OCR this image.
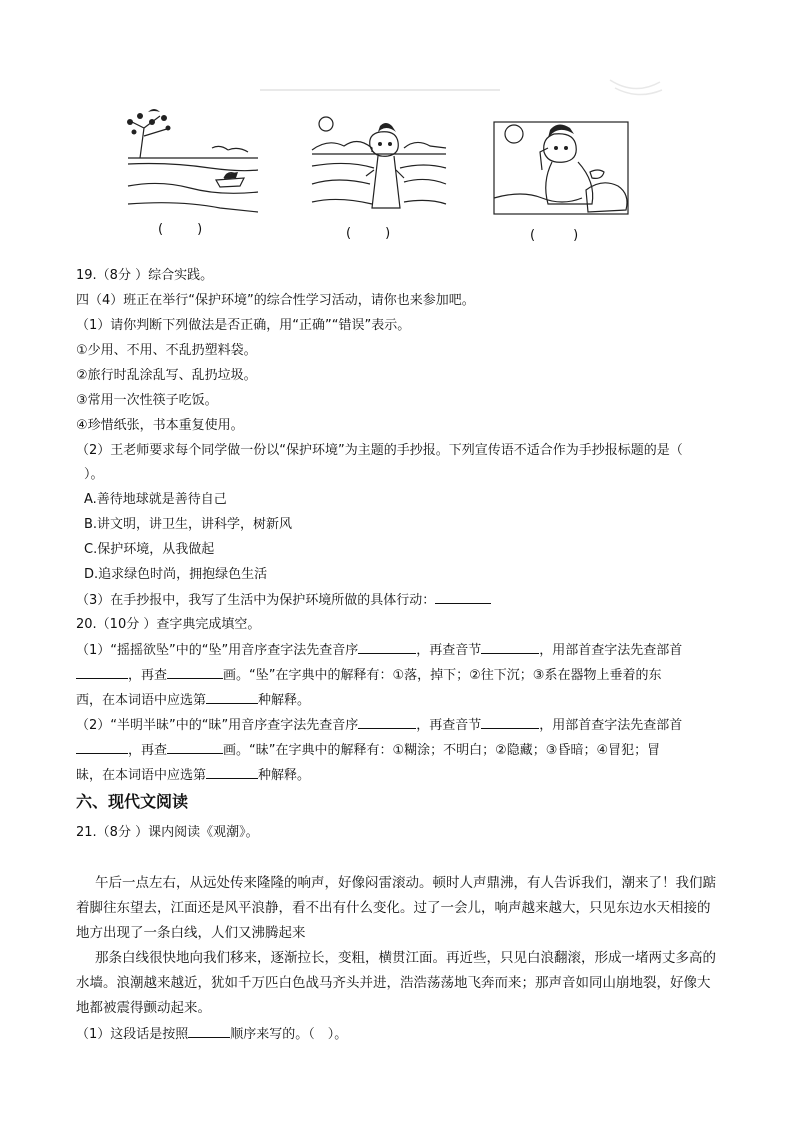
(	)	(	)	(	)
19.（8分 ）综合实践。
四（4）班正在举行“保护环境”的综合性学习活动，请你也来参加吧。
（1）请你判断下列做法是否正确，用“正确”“错误”表示。
①少用、不用、不乱扔塑料袋。
②旅行时乱涂乱写、乱扔垃圾。
③常用一次性筷子吃饭。
④珍惜纸张，书本重复使用。
（2）王老师要求每个同学做一份以“保护环境”为主题的手抄报。下列宣传语不适合作为手抄报标题的是（
）。
A.善待地球就是善待自己
B.讲文明，讲卫生，讲科学，树新风
C.保护环境，从我做起
D.追求绿色时尚，拥抱绿色生活
（3）在手抄报中，我写了生活中为保护环境所做的具体行动：
20.（10分 ）查字典完成填空。
（1）“摇摇欲坠”中的“坠”用音序查字法先查音序	，再查音节	，用部首查字法先查部首
，再查	画。“坠”在字典中的解释有：①落，掉下；②往下沉；③系在器物上垂着的东
西，在本词语中应选第	种解释。
（2）“半明半昧”中的“昧”用音序查字法先查音序	，再查音节	，用部首查字法先查部首
，再查	画。“昧”在字典中的解释有：①糊涂；不明白；②隐藏；③昏暗；④冒犯；冒
昧，在本词语中应选第	种解释。
六、现代文阅读
21.（8分 ）课内阅读《观潮》。
午后一点左右，从远处传来隆隆的响声，好像闷雷滚动。顿时人声鼎沸，有人告诉我们，潮来了！我们踮着脚往东望去，江面还是风平浪静，看不出有什么变化。过了一会儿，响声越来越大，只见东边水天相接的地方出现了一条白线，人们又沸腾起来
那条白线很快地向我们移来，逐渐拉长，变粗，横贯江面。再近些，只见白浪翻滚，形成一堵两丈多高的水墙。浪潮越来越近，犹如千万匹白色战马齐头并进，浩浩荡荡地飞奔而来；那声音如同山崩地裂，好像大地都被震得颤动起来。
（1）这段话是按照	顺序来写的。（　）。
